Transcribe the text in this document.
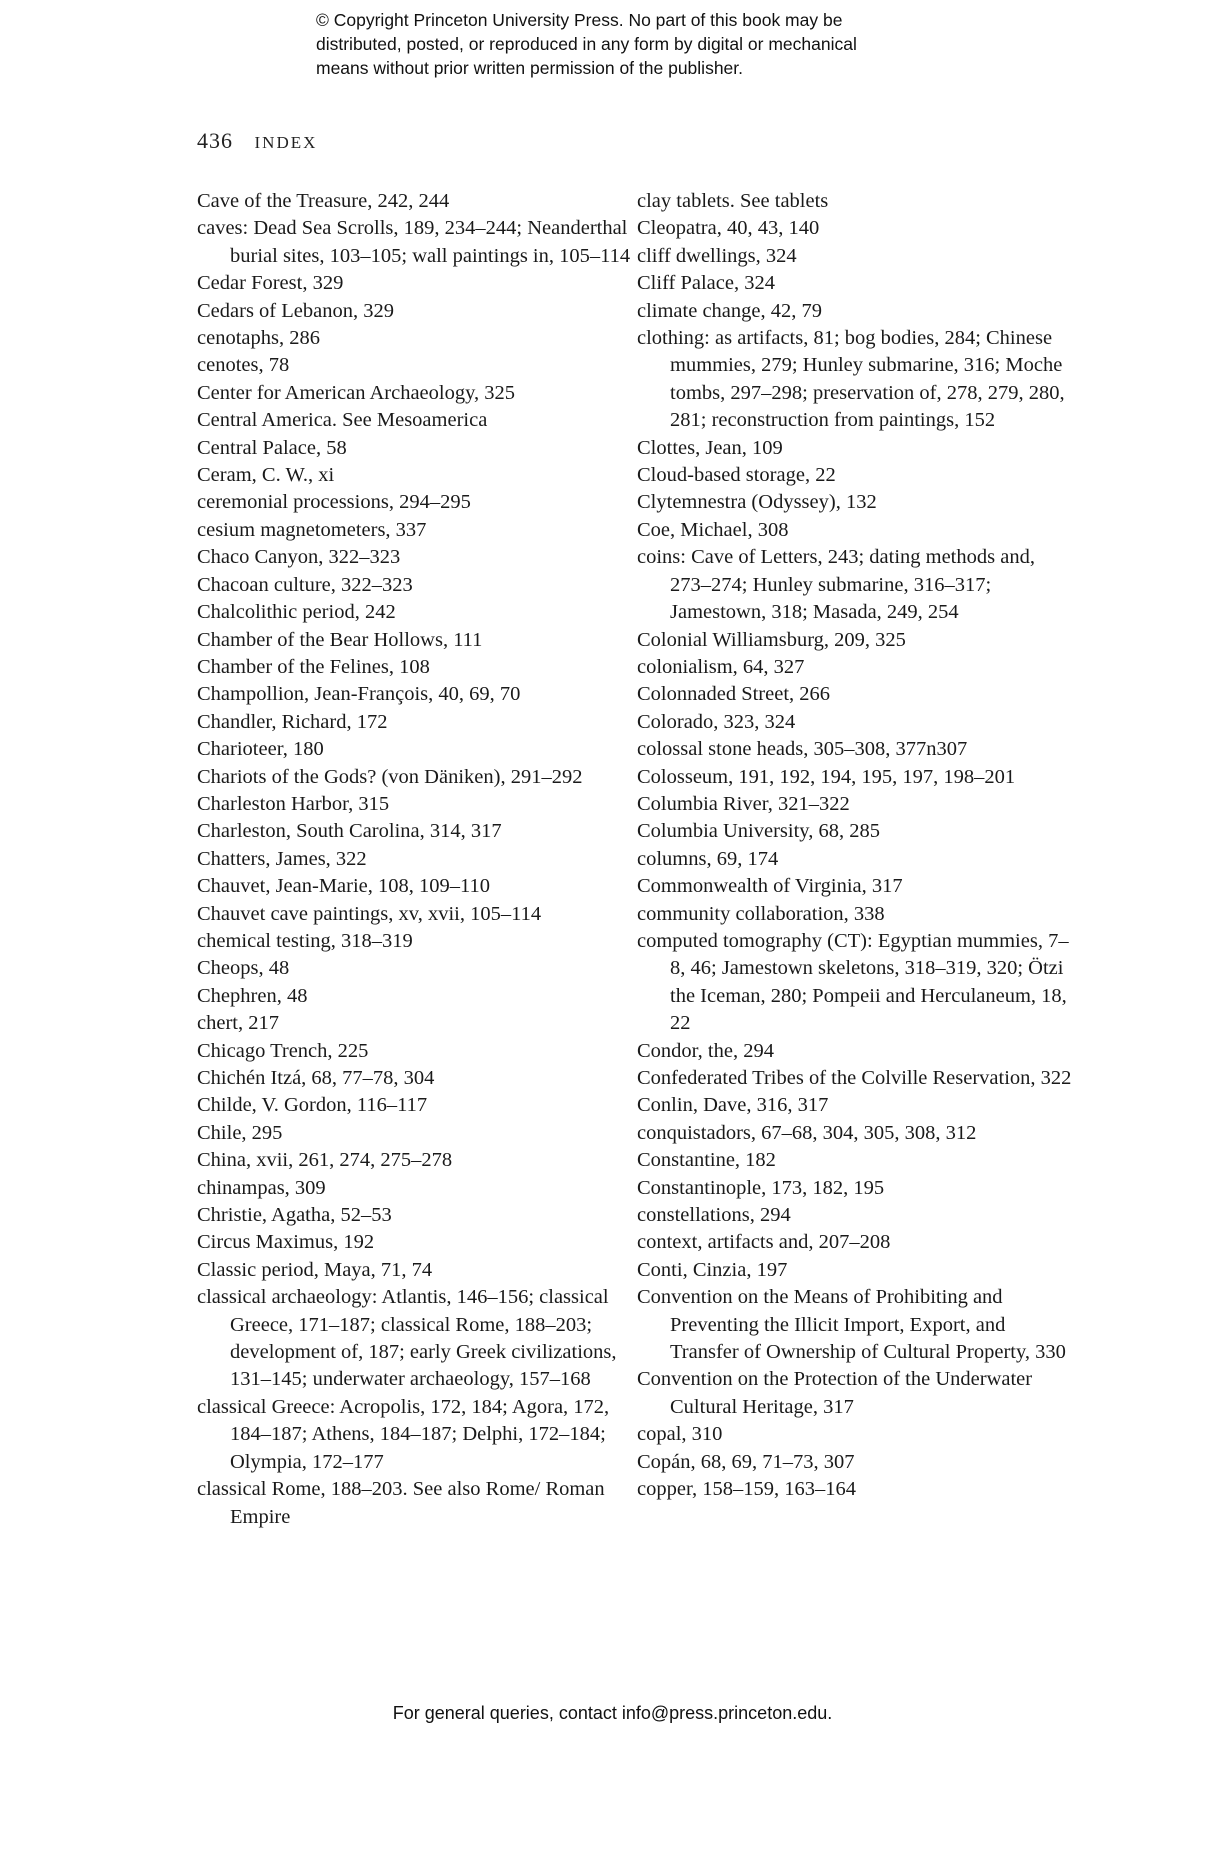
© Copyright Princeton University Press. No part of this book may be
distributed, posted, or reproduced in any form by digital or mechanical
means without prior written permission of the publisher.
436 INDEX
Cave of the Treasure, 242, 244
caves: Dead Sea Scrolls, 189, 234–244; Neanderthal burial sites, 103–105; wall paintings in, 105–114
Cedar Forest, 329
Cedars of Lebanon, 329
cenotaphs, 286
cenotes, 78
Center for American Archaeology, 325
Central America. See Mesoamerica
Central Palace, 58
Ceram, C. W., xi
ceremonial processions, 294–295
cesium magnetometers, 337
Chaco Canyon, 322–323
Chacoan culture, 322–323
Chalcolithic period, 242
Chamber of the Bear Hollows, 111
Chamber of the Felines, 108
Champollion, Jean-François, 40, 69, 70
Chandler, Richard, 172
Charioteer, 180
Chariots of the Gods? (von Däniken), 291–292
Charleston Harbor, 315
Charleston, South Carolina, 314, 317
Chatters, James, 322
Chauvet, Jean-Marie, 108, 109–110
Chauvet cave paintings, xv, xvii, 105–114
chemical testing, 318–319
Cheops, 48
Chephren, 48
chert, 217
Chicago Trench, 225
Chichén Itzá, 68, 77–78, 304
Childe, V. Gordon, 116–117
Chile, 295
China, xvii, 261, 274, 275–278
chinampas, 309
Christie, Agatha, 52–53
Circus Maximus, 192
Classic period, Maya, 71, 74
classical archaeology: Atlantis, 146–156; classical Greece, 171–187; classical Rome, 188–203; development of, 187; early Greek civilizations, 131–145; underwater archaeology, 157–168
classical Greece: Acropolis, 172, 184; Agora, 172, 184–187; Athens, 184–187; Delphi, 172–184; Olympia, 172–177
classical Rome, 188–203. See also Rome/ Roman Empire
clay tablets. See tablets
Cleopatra, 40, 43, 140
cliff dwellings, 324
Cliff Palace, 324
climate change, 42, 79
clothing: as artifacts, 81; bog bodies, 284; Chinese mummies, 279; Hunley submarine, 316; Moche tombs, 297–298; preservation of, 278, 279, 280, 281; reconstruction from paintings, 152
Clottes, Jean, 109
Cloud-based storage, 22
Clytemnestra (Odyssey), 132
Coe, Michael, 308
coins: Cave of Letters, 243; dating methods and, 273–274; Hunley submarine, 316–317; Jamestown, 318; Masada, 249, 254
Colonial Williamsburg, 209, 325
colonialism, 64, 327
Colonnaded Street, 266
Colorado, 323, 324
colossal stone heads, 305–308, 377n307
Colosseum, 191, 192, 194, 195, 197, 198–201
Columbia River, 321–322
Columbia University, 68, 285
columns, 69, 174
Commonwealth of Virginia, 317
community collaboration, 338
computed tomography (CT): Egyptian mummies, 7–8, 46; Jamestown skeletons, 318–319, 320; Ötzi the Iceman, 280; Pompeii and Herculaneum, 18, 22
Condor, the, 294
Confederated Tribes of the Colville Reservation, 322
Conlin, Dave, 316, 317
conquistadors, 67–68, 304, 305, 308, 312
Constantine, 182
Constantinople, 173, 182, 195
constellations, 294
context, artifacts and, 207–208
Conti, Cinzia, 197
Convention on the Means of Prohibiting and Preventing the Illicit Import, Export, and Transfer of Ownership of Cultural Property, 330
Convention on the Protection of the Underwater Cultural Heritage, 317
copal, 310
Copán, 68, 69, 71–73, 307
copper, 158–159, 163–164
For general queries, contact info@press.princeton.edu.
